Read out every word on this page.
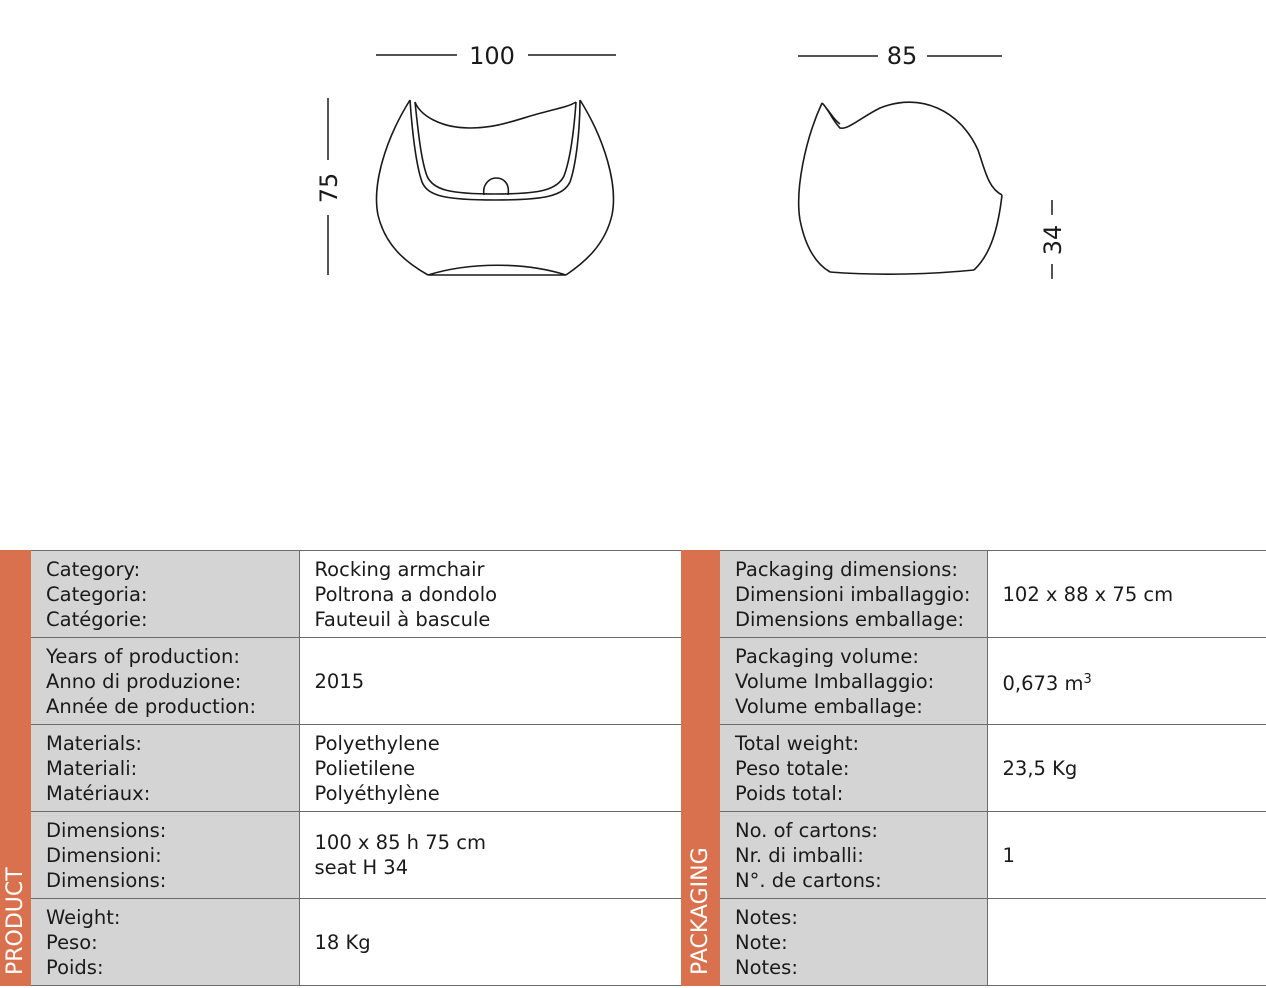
100
75
85
34
PRODUCT	PACKAGING
Category:
Categoria:
Catégorie:	Rocking armchair
Poltrona a dondolo
Fauteuil à bascule

Years of production:
Anno di produzione:
Année de production:	2015

Materials:
Materiali:
Matériaux:	Polyethylene
Polietilene
Polyéthylène

Dimensions:
Dimensioni:
Dimensions:	100 x 85 h 75 cm
seat H 34

Weight:
Peso:
Poids:	18 Kg
Packaging dimensions:
Dimensioni imballaggio:
Dimensions emballage:	102 x 88 x 75 cm

Packaging volume:
Volume Imballaggio:
Volume emballage:	0,673 $m^3$

Total weight:
Peso totale:
Poids total:	23,5 Kg

No. of cartons:
Nr. di imballi:
N°. de cartons:	1

Notes:
Note:
Notes:	
